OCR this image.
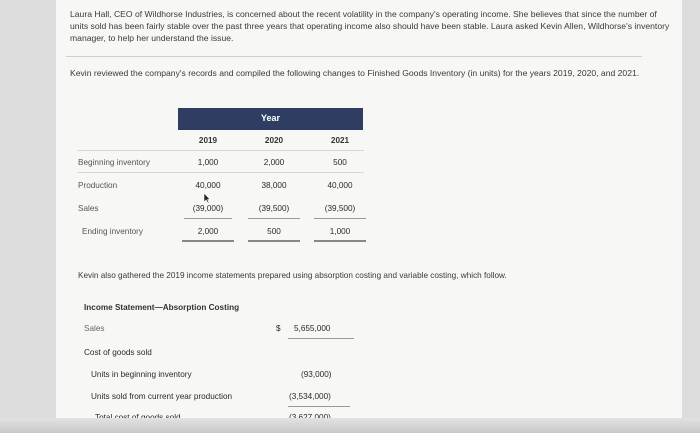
Laura Hall, CEO of Wildhorse Industries, is concerned about the recent volatility in the company's operating income. She believes that since the number of units sold has been fairly stable over the past three years that operating income also should have been stable. Laura asked Kevin Allen, Wildhorse's inventory manager, to help her understand the issue.
Kevin reviewed the company's records and compiled the following changes to Finished Goods Inventory (in units) for the years 2019, 2020, and 2021.
Year
2019	2020	2021
Beginning inventory	1,000	2,000	500
Production	40,000	38,000	40,000
Sales	(39,000)	(39,500)	(39,500)
Ending inventory	2,000	500	1,000
Kevin also gathered the 2019 income statements prepared using absorption costing and variable costing, which follow.
Income Statement—Absorption Costing
Sales	$ 5,655,000
Cost of goods sold
Units in beginning inventory	(93,000)
Units sold from current year production	(3,534,000)
